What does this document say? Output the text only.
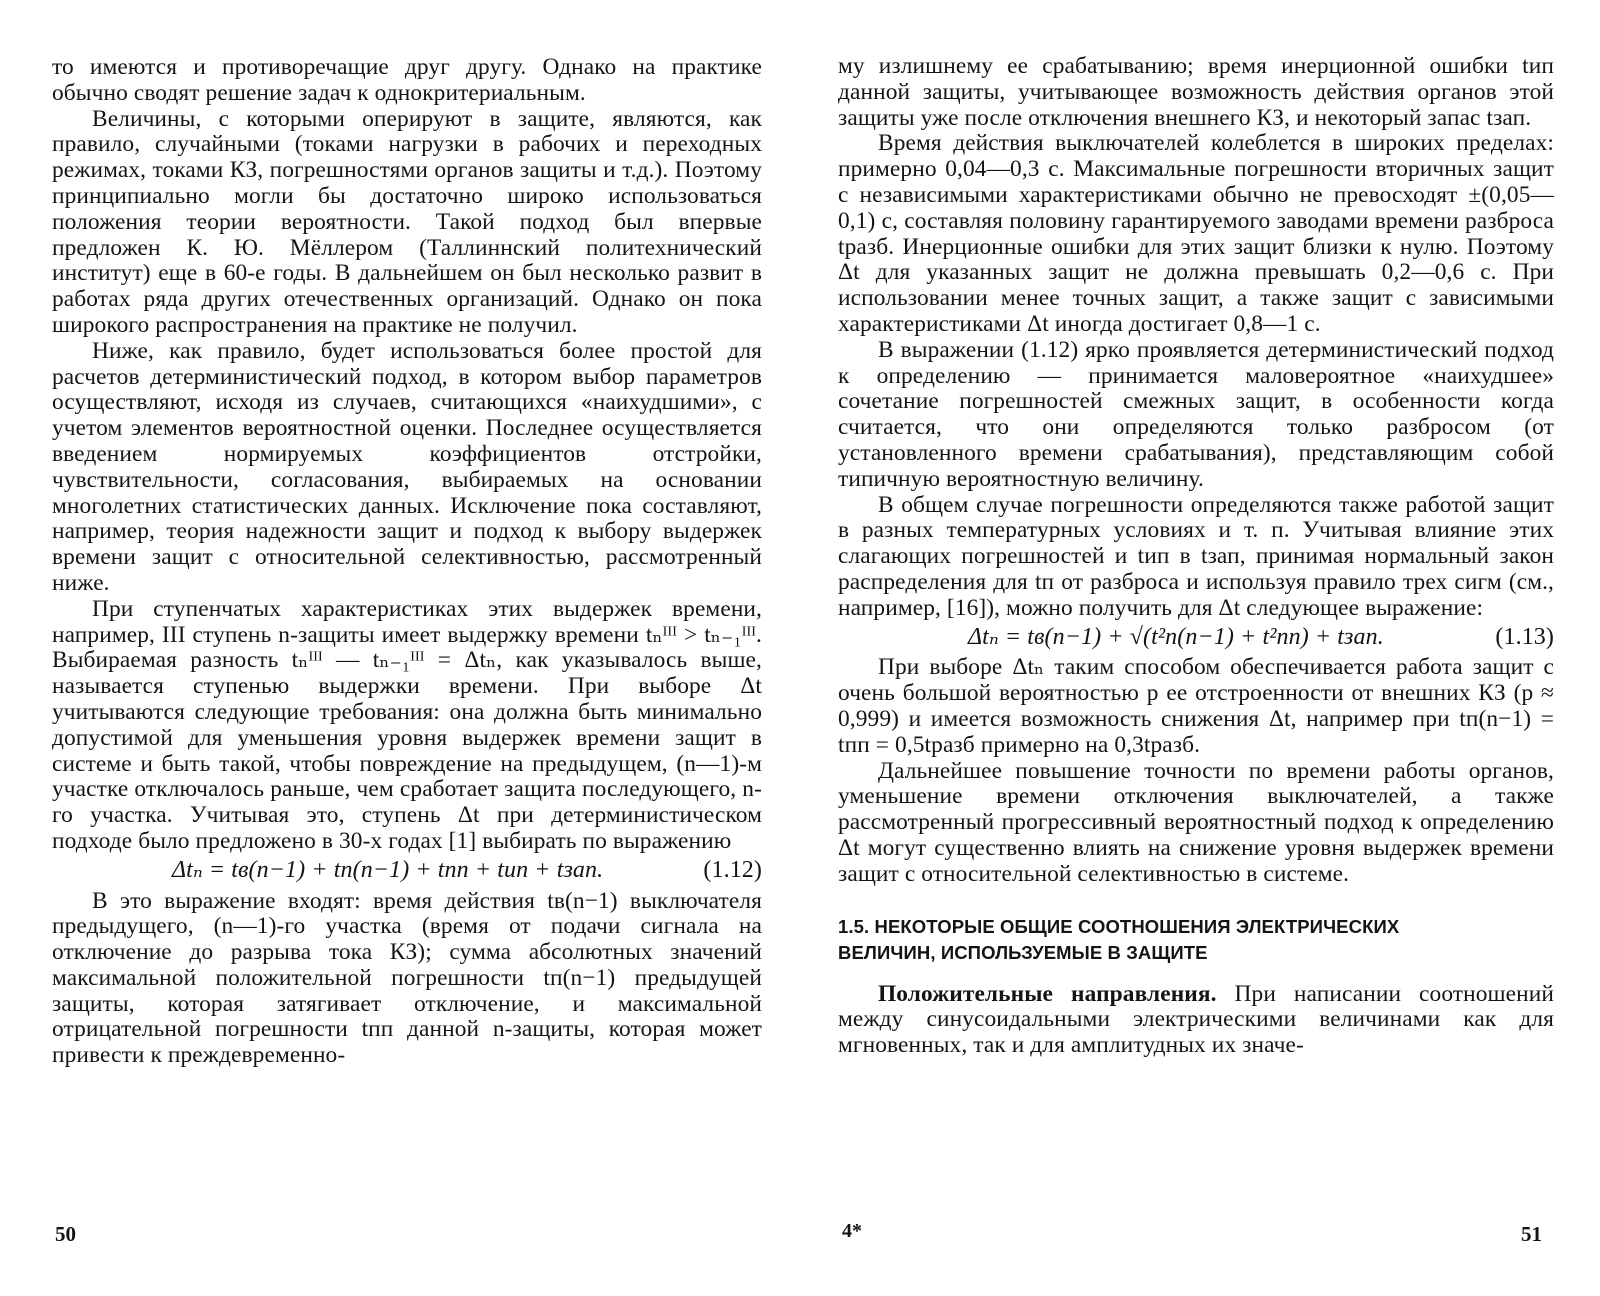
то имеются и противоречащие друг другу. Однако на практике обычно сводят решение задач к однокритериальным.

Величины, с которыми оперируют в защите, являются, как правило, случайными (токами нагрузки в рабочих и переходных режимах, токами КЗ, погрешностями органов защиты и т.д.). Поэтому принципиально могли бы достаточно широко использоваться положения теории вероятности. Такой подход был впервые предложен К. Ю. Мёллером (Таллиннский политехнический институт) еще в 60-е годы. В дальнейшем он был несколько развит в работах ряда других отечественных организаций. Однако он пока широкого распространения на практике не получил.

Ниже, как правило, будет использоваться более простой для расчетов детерминистический подход, в котором выбор параметров осуществляют, исходя из случаев, считающихся «наихудшими», с учетом элементов вероятностной оценки. Последнее осуществляется введением нормируемых коэффициентов отстройки, чувствительности, согласования, выбираемых на основании многолетних статистических данных. Исключение пока составляют, например, теория надежности защит и подход к выбору выдержек времени защит с относительной селективностью, рассмотренный ниже.

При ступенчатых характеристиках этих выдержек времени, например, III ступень n-защиты имеет выдержку времени tₙᴵᴵᴵ > tₙ₋₁ᴵᴵᴵ. Выбираемая разность tₙᴵᴵᴵ — tₙ₋₁ᴵᴵᴵ = Δtₙ, как указывалось выше, называется ступенью выдержки времени. При выборе Δt учитываются следующие требования: она должна быть минимально допустимой для уменьшения уровня выдержек времени защит в системе и быть такой, чтобы повреждение на предыдущем, (n—1)-м участке отключалось раньше, чем сработает защита последующего, n-го участка. Учитывая это, ступень Δt при детерминистическом подходе было предложено в 30-х годах [1] выбирать по выражению

Δtₙ = tв(n−1) + tп(n−1) + tпп + tип + tзап.	(1.12)

В это выражение входят: время действия tв(n−1) выключателя предыдущего, (n—1)-го участка (время от подачи сигнала на отключение до разрыва тока КЗ); сумма абсолютных значений максимальной положительной погрешности tп(n−1) предыдущей защиты, которая затягивает отключение, и максимальной отрицательной погрешности tпп данной n-защиты, которая может привести к преждевременно-

му излишнему ее срабатыванию; время инерционной ошибки tип данной защиты, учитывающее возможность действия органов этой защиты уже после отключения внешнего КЗ, и некоторый запас tзап.

Время действия выключателей колеблется в широких пределах: примерно 0,04—0,3 с. Максимальные погрешности вторичных защит с независимыми характеристиками обычно не превосходят ±(0,05—0,1) с, составляя половину гарантируемого заводами времени разброса tразб. Инерционные ошибки для этих защит близки к нулю. Поэтому Δt для указанных защит не должна превышать 0,2—0,6 с. При использовании менее точных защит, а также защит с зависимыми характеристиками Δt иногда достигает 0,8—1 с.

В выражении (1.12) ярко проявляется детерминистический подход к определению — принимается маловероятное «наихудшее» сочетание погрешностей смежных защит, в особенности когда считается, что они определяются только разбросом (от установленного времени срабатывания), представляющим собой типичную вероятностную величину.

В общем случае погрешности определяются также работой защит в разных температурных условиях и т. п. Учитывая влияние этих слагающих погрешностей и tип в tзап, принимая нормальный закон распределения для tп от разброса и используя правило трех сигм (см., например, [16]), можно получить для Δt следующее выражение:

Δtₙ = tв(n−1) + √(t²п(n−1) + t²пп) + tзап.	(1.13)

При выборе Δtₙ таким способом обеспечивается работа защит с очень большой вероятностью p ее отстроенности от внешних КЗ (p ≈ 0,999) и имеется возможность снижения Δt, например при tп(n−1) = tпп = 0,5tразб примерно на 0,3tразб.

Дальнейшее повышение точности по времени работы органов, уменьшение времени отключения выключателей, а также рассмотренный прогрессивный вероятностный подход к определению Δt могут существенно влиять на снижение уровня выдержек времени защит с относительной селективностью в системе.

1.5. НЕКОТОРЫЕ ОБЩИЕ СООТНОШЕНИЯ ЭЛЕКТРИЧЕСКИХ ВЕЛИЧИН, ИСПОЛЬЗУЕМЫЕ В ЗАЩИТЕ

Положительные направления. При написании соотношений между синусоидальными электрическими величинами как для мгновенных, так и для амплитудных их значе-

50	4*	51
